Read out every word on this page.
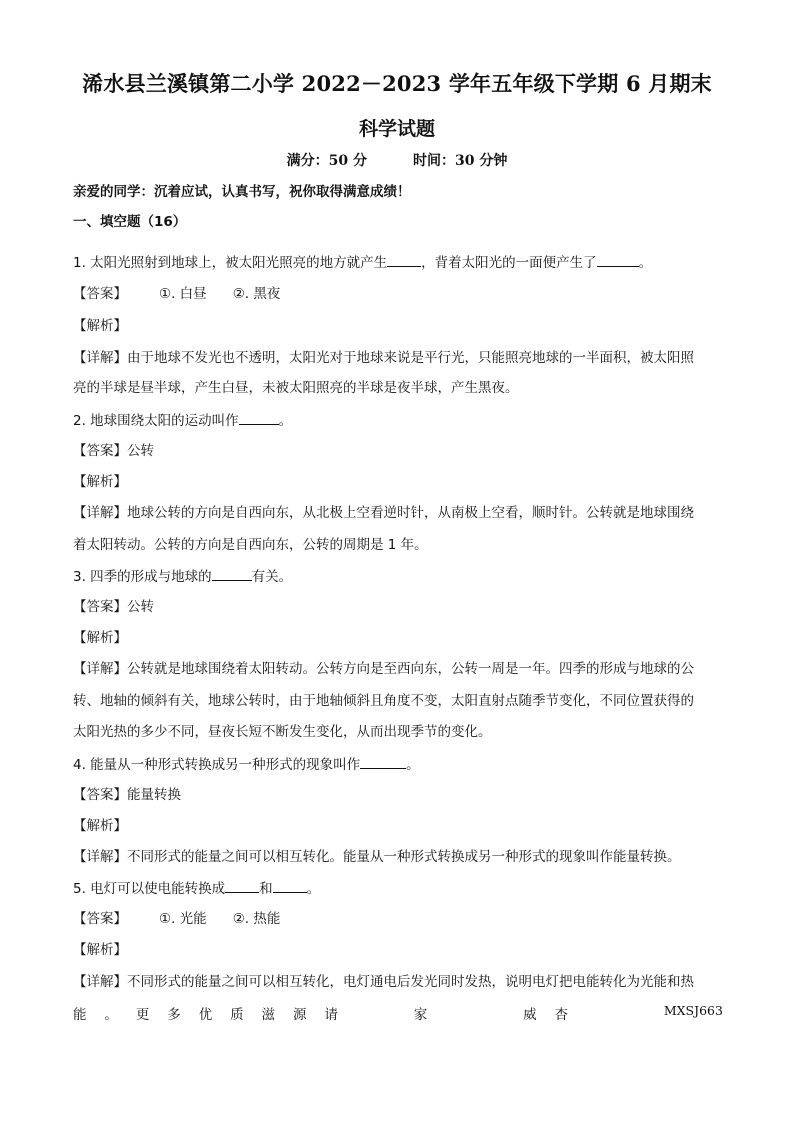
浠水县兰溪镇第二小学 2022－2023 学年五年级下学期 6 月期末
科学试题
满分：50 分	时间：30 分钟
亲爱的同学：沉着应试，认真书写，祝你取得满意成绩！
一、填空题（16）
1. 太阳光照射到地球上，被太阳光照亮的地方就产生	，背着太阳光的一面便产生了	。
【答案】 ①. 白昼 ②. 黑夜
【解析】
【详解】由于地球不发光也不透明，太阳光对于地球来说是平行光，只能照亮地球的一半面积，被太阳照
亮的半球是昼半球，产生白昼，未被太阳照亮的半球是夜半球，产生黑夜。
2. 地球围绕太阳的运动叫作	。
【答案】公转
【解析】
【详解】地球公转的方向是自西向东，从北极上空看逆时针，从南极上空看，顺时针。公转就是地球围绕
着太阳转动。公转的方向是自西向东，公转的周期是 1 年。
3. 四季的形成与地球的	有关。
【答案】公转
【解析】
【详解】公转就是地球围绕着太阳转动。公转方向是至西向东，公转一周是一年。四季的形成与地球的公
转、地轴的倾斜有关，地球公转时，由于地轴倾斜且角度不变，太阳直射点随季节变化，不同位置获得的
太阳光热的多少不同，昼夜长短不断发生变化，从而出现季节的变化。
4. 能量从一种形式转换成另一种形式的现象叫作	。
【答案】能量转换
【解析】
【详解】不同形式的能量之间可以相互转化。能量从一种形式转换成另一种形式的现象叫作能量转换。
5. 电灯可以使电能转换成	和	。
【答案】 ①. 光能 ②. 热能
【解析】
【详解】不同形式的能量之间可以相互转化，电灯通电后发光同时发热，说明电灯把电能转化为光能和热
能 。 更 多 优 质 滋 源 请	家	威 杏	MXSJ663
